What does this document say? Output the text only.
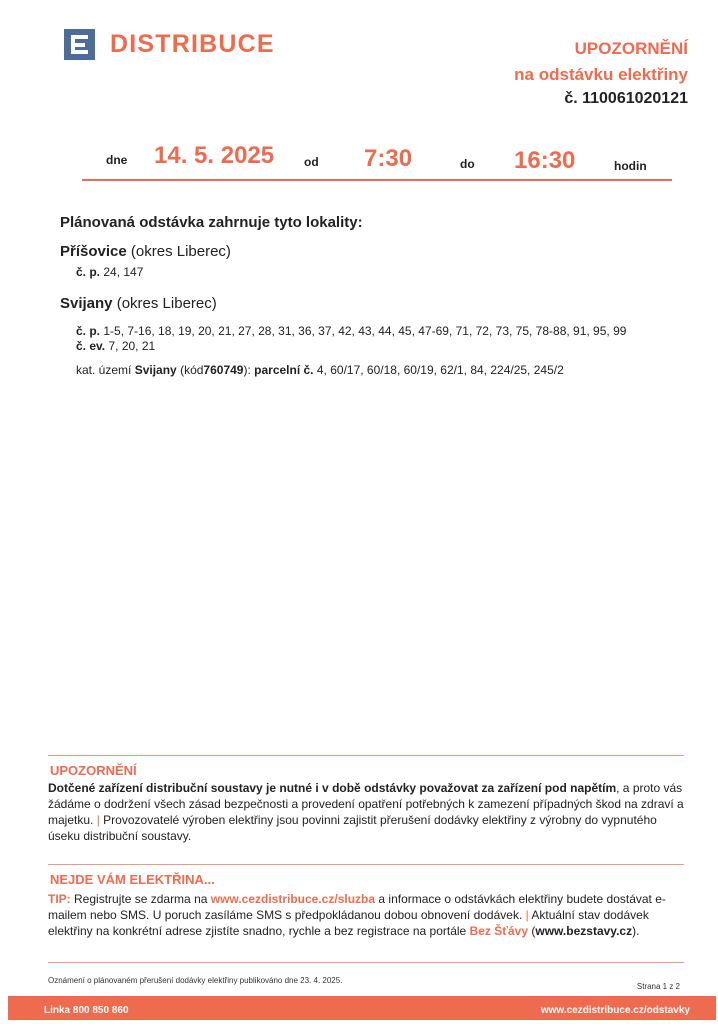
DISTRIBUCE	UPOZORNĚNÍ
na odstávku elektřiny
č. 110061020121
dne 14. 5. 2025 od 7:30	do 16:30	hodin
Plánovaná odstávka zahrnuje tyto lokality:
Příšovice (okres Liberec)
č. p. 24, 147
Svijany (okres Liberec)
č. p. 1-5, 7-16, 18, 19, 20, 21, 27, 28, 31, 36, 37, 42, 43, 44, 45, 47-69, 71, 72, 73, 75, 78-88, 91, 95, 99
č. ev. 7, 20, 21
kat. území Svijany (kód760749): parcelní č. 4, 60/17, 60/18, 60/19, 62/1, 84, 224/25, 245/2
UPOZORNĚNÍ
Dotčené zařízení distribuční soustavy je nutné i v době odstávky považovat za zařízení pod napětím, a proto vás žádáme o dodržení všech zásad bezpečnosti a provedení opatření potřebných k zamezení případných škod na zdraví a majetku. | Provozovatelé výroben elektřiny jsou povinni zajistit přerušení dodávky elektřiny z výrobny do vypnutého úseku distribuční soustavy.
NEJDE VÁM ELEKTŘINA...
TIP: Registrujte se zdarma na www.cezdistribuce.cz/sluzba a informace o odstávkách elektřiny budete dostávat e-mailem nebo SMS. U poruch zasíláme SMS s předpokládanou dobou obnovení dodávek. | Aktuální stav dodávek elektřiny na konkrétní adrese zjistíte snadno, rychle a bez registrace na portále Bez Šťávy (www.bezstavy.cz).
Oznámení o plánovaném přerušení dodávky elektřiny publikováno dne 23. 4. 2025.
Strana 1 z 2
Linka 800 850 860	www.cezdistribuce.cz/odstavky
